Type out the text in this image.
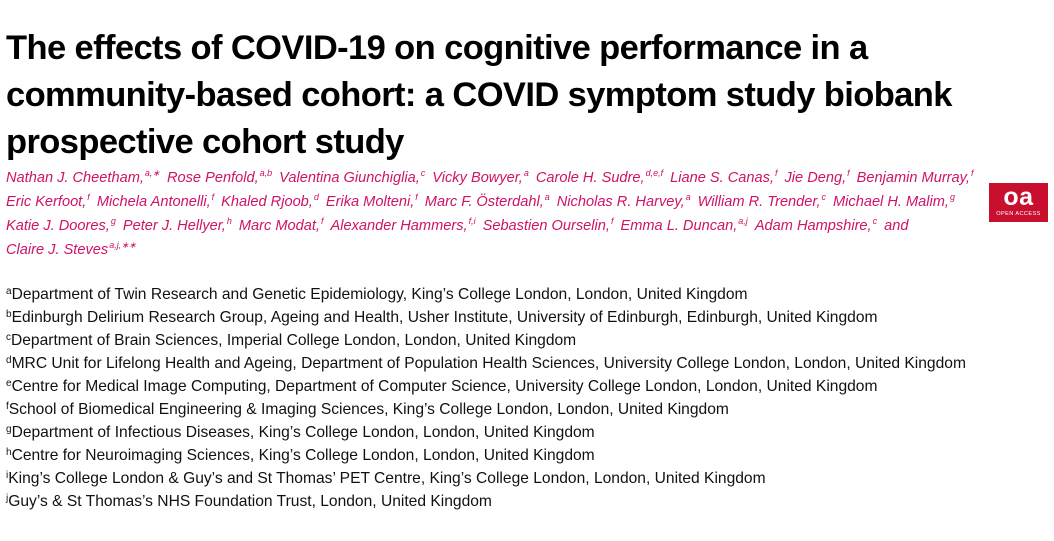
The effects of COVID-19 on cognitive performance in a
community-based cohort: a COVID symptom study biobank
prospective cohort study
Nathan J. Cheetham,$^{a,∗}$ Rose Penfold,$^{a,b}$ Valentina Giunchiglia,$^c$ Vicky Bowyer,$^a$ Carole H. Sudre,$^{d,e,f}$ Liane S. Canas,$^f$ Jie Deng,$^f$ Benjamin Murray,$^f$
Eric Kerfoot,$^f$ Michela Antonelli,$^f$ Khaled Rjoob,$^d$ Erika Molteni,$^f$ Marc F. Österdahl,$^a$ Nicholas R. Harvey,$^a$ William R. Trender,$^c$ Michael H. Malim,$^g$
Katie J. Doores,$^g$ Peter J. Hellyer,$^h$ Marc Modat,$^f$ Alexander Hammers,$^{f,i}$ Sebastien Ourselin,$^f$ Emma L. Duncan,$^{a,j}$ Adam Hampshire,$^c$ and
Claire J. Steves$^{a,j,∗∗}$
$^a$Department of Twin Research and Genetic Epidemiology, King’s College London, London, United Kingdom
$^b$Edinburgh Delirium Research Group, Ageing and Health, Usher Institute, University of Edinburgh, Edinburgh, United Kingdom
$^c$Department of Brain Sciences, Imperial College London, London, United Kingdom
$^d$MRC Unit for Lifelong Health and Ageing, Department of Population Health Sciences, University College London, London, United Kingdom
$^e$Centre for Medical Image Computing, Department of Computer Science, University College London, London, United Kingdom
$^f$School of Biomedical Engineering & Imaging Sciences, King’s College London, London, United Kingdom
$^g$Department of Infectious Diseases, King’s College London, London, United Kingdom
$^h$Centre for Neuroimaging Sciences, King’s College London, London, United Kingdom
$^i$King’s College London & Guy’s and St Thomas’ PET Centre, King’s College London, London, United Kingdom
$^j$Guy’s & St Thomas’s NHS Foundation Trust, London, United Kingdom
oa
OPEN ACCESS
